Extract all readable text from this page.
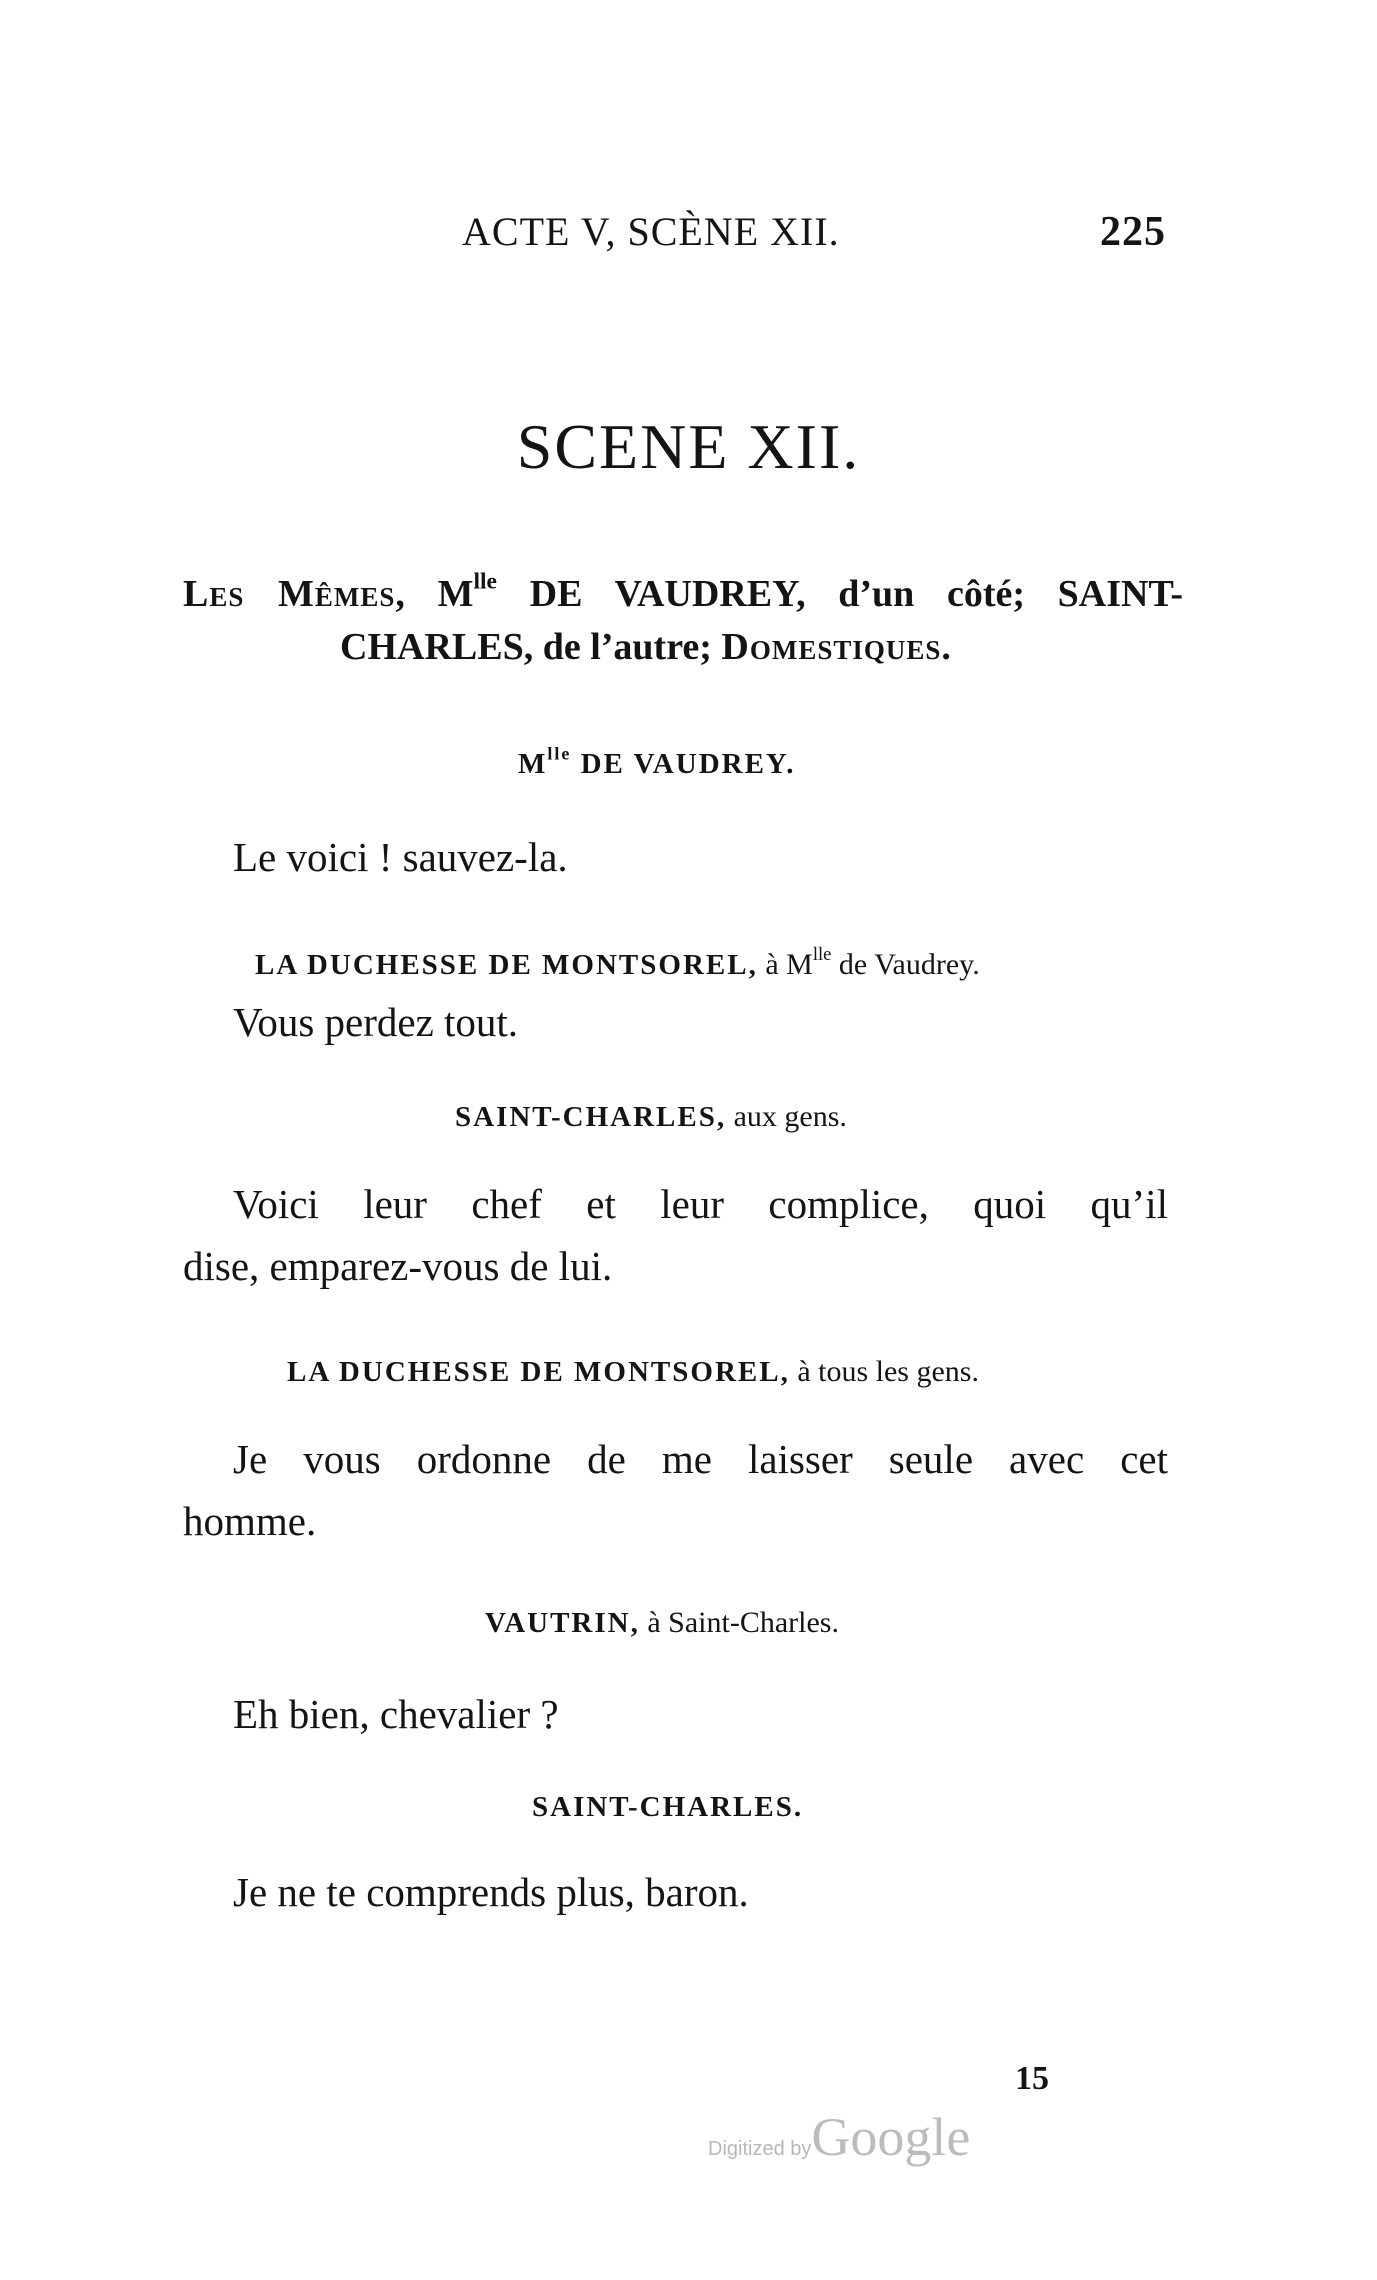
ACTE V, SCÈNE XII.	225
SCENE XII.
Les Mêmes, $M^{lle}$ DE VAUDREY, d’un côté; SAINT-
CHARLES, de l’autre; Domestiques.
$M^{lle}$ DE VAUDREY.
Le voici ! sauvez-la.
LA DUCHESSE DE MONTSOREL, à $M^{lle}$ de Vaudrey.
Vous perdez tout.
SAINT-CHARLES, aux gens.
Voici leur chef et leur complice, quoi qu’il
dise, emparez-vous de lui.
LA DUCHESSE DE MONTSOREL, à tous les gens.
Je vous ordonne de me laisser seule avec cet
homme.
VAUTRIN, à Saint-Charles.
Eh bien, chevalier ?
SAINT-CHARLES.
Je ne te comprends plus, baron.
15
Digitized byGoogle
